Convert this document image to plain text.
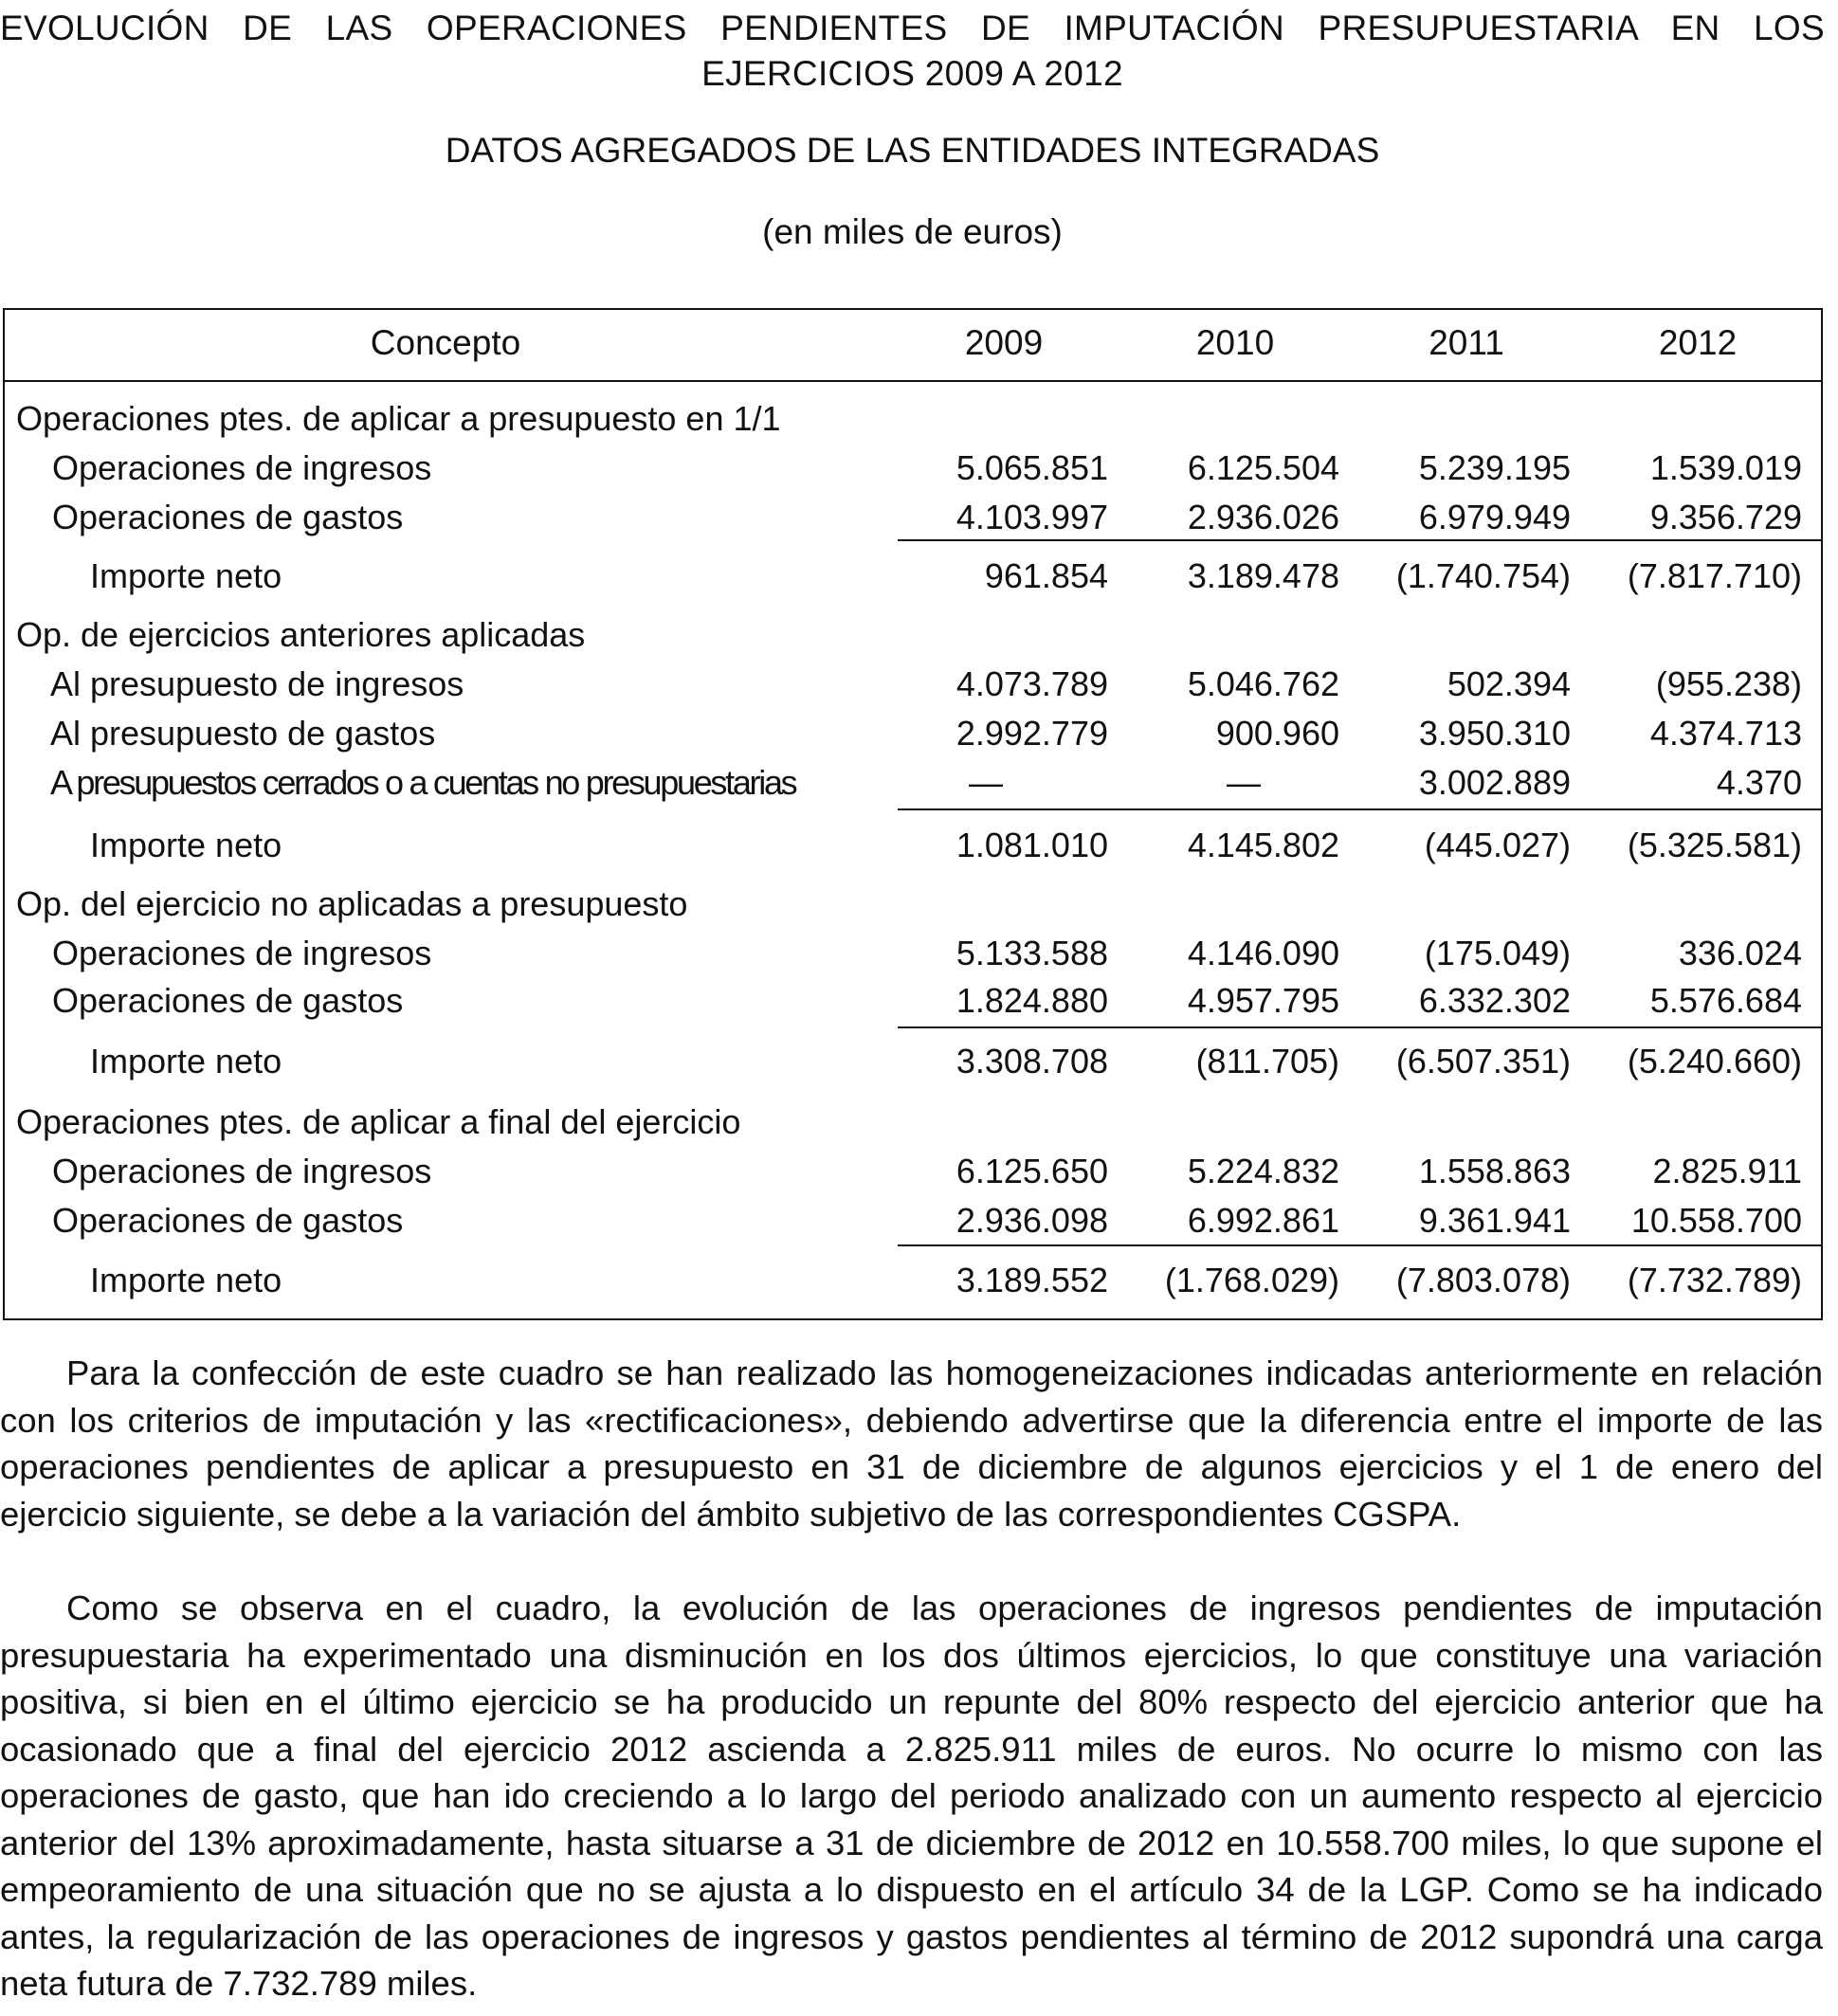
EVOLUCIÓN DE LAS OPERACIONES PENDIENTES DE IMPUTACIÓN PRESUPUESTARIA EN LOS EJERCICIOS 2009 A 2012
DATOS AGREGADOS DE LAS ENTIDADES INTEGRADAS
(en miles de euros)
Concepto	2009	2010	2011	2012
Operaciones ptes. de aplicar a presupuesto en 1/1
Operaciones de ingresos	5.065.851	6.125.504	5.239.195	1.539.019
Operaciones de gastos	4.103.997	2.936.026	6.979.949	9.356.729
Importe neto	961.854	3.189.478	(1.740.754)	(7.817.710)
Op. de ejercicios anteriores aplicadas
Al presupuesto de ingresos	4.073.789	5.046.762	502.394	(955.238)
Al presupuesto de gastos	2.992.779	900.960	3.950.310	4.374.713
A presupuestos cerrados o a cuentas no presupuestarias	—	—	3.002.889	4.370
Importe neto	1.081.010	4.145.802	(445.027)	(5.325.581)
Op. del ejercicio no aplicadas a presupuesto
Operaciones de ingresos	5.133.588	4.146.090	(175.049)	336.024
Operaciones de gastos	1.824.880	4.957.795	6.332.302	5.576.684
Importe neto	3.308.708	(811.705)	(6.507.351)	(5.240.660)
Operaciones ptes. de aplicar a final del ejercicio
Operaciones de ingresos	6.125.650	5.224.832	1.558.863	2.825.911
Operaciones de gastos	2.936.098	6.992.861	9.361.941	10.558.700
Importe neto	3.189.552	(1.768.029)	(7.803.078)	(7.732.789)

Para la confección de este cuadro se han realizado las homogeneizaciones indicadas anteriormente en relación con los criterios de imputación y las «rectificaciones», debiendo advertirse que la diferencia entre el importe de las operaciones pendientes de aplicar a presupuesto en 31 de diciembre de algunos ejercicios y el 1 de enero del ejercicio siguiente, se debe a la variación del ámbito subjetivo de las correspondientes CGSPA.

Como se observa en el cuadro, la evolución de las operaciones de ingresos pendientes de imputación presupuestaria ha experimentado una disminución en los dos últimos ejercicios, lo que constituye una variación positiva, si bien en el último ejercicio se ha producido un repunte del 80% respecto del ejercicio anterior que ha ocasionado que a final del ejercicio 2012 ascienda a 2.825.911 miles de euros. No ocurre lo mismo con las operaciones de gasto, que han ido creciendo a lo largo del periodo analizado con un aumento respecto al ejercicio anterior del 13% aproximadamente, hasta situarse a 31 de diciembre de 2012 en 10.558.700 miles, lo que supone el empeoramiento de una situación que no se ajusta a lo dispuesto en el artículo 34 de la LGP. Como se ha indicado antes, la regularización de las operaciones de ingresos y gastos pendientes al término de 2012 supondrá una carga neta futura de 7.732.789 miles.
